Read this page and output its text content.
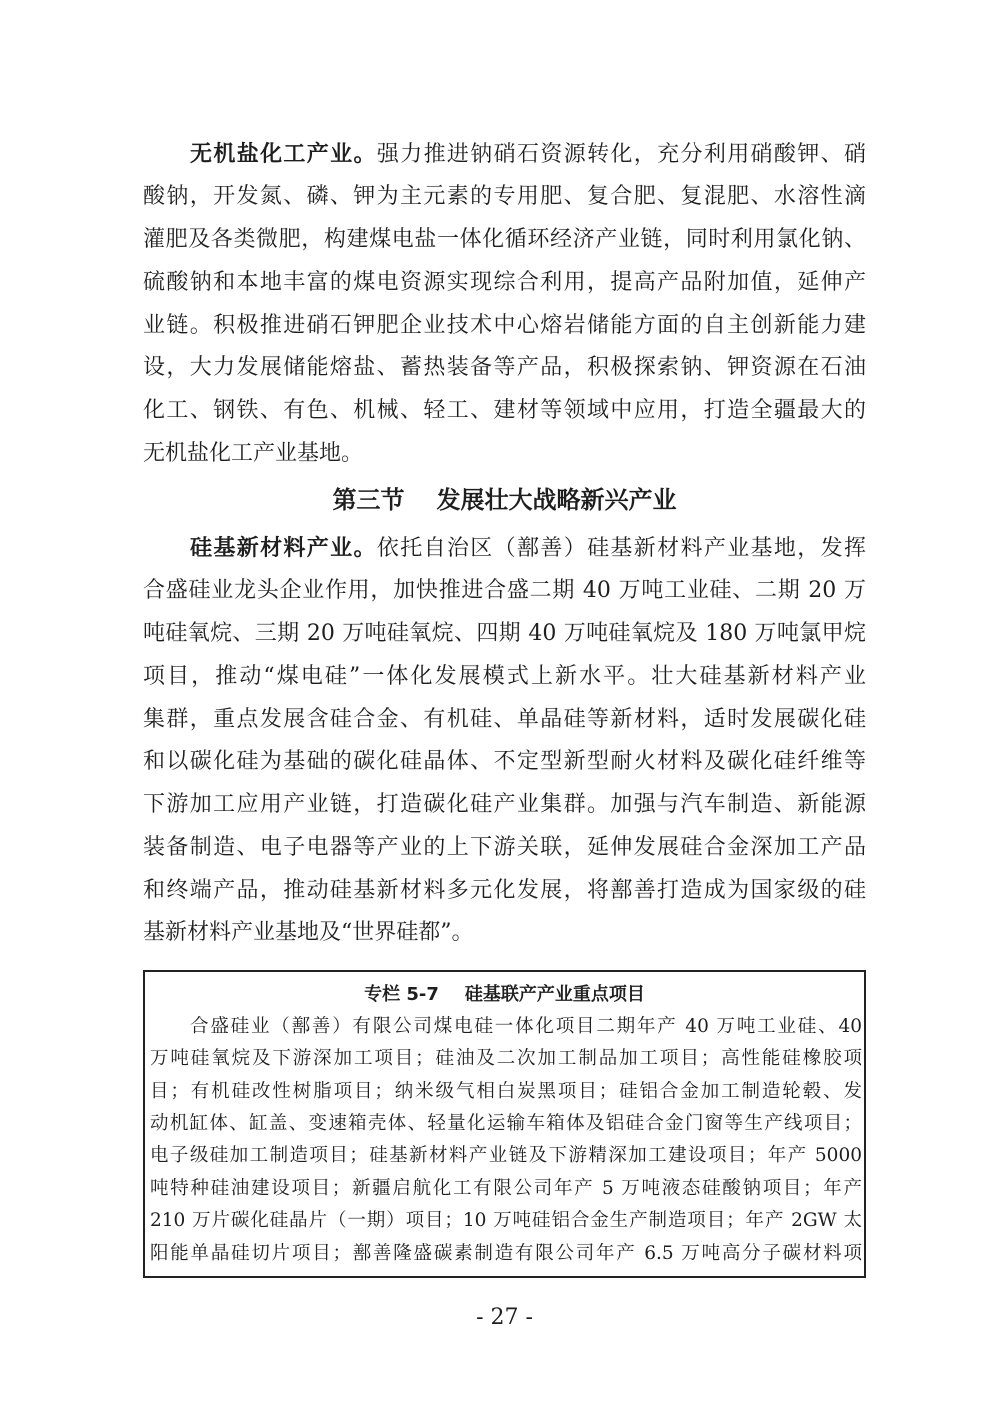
无机盐化工产业。强力推进钠硝石资源转化，充分利用硝酸钾、硝
酸钠，开发氮、磷、钾为主元素的专用肥、复合肥、复混肥、水溶性滴
灌肥及各类微肥，构建煤电盐一体化循环经济产业链，同时利用氯化钠、
硫酸钠和本地丰富的煤电资源实现综合利用，提高产品附加值，延伸产
业链。积极推进硝石钾肥企业技术中心熔岩储能方面的自主创新能力建
设，大力发展储能熔盐、蓄热装备等产品，积极探索钠、钾资源在石油
化工、钢铁、有色、机械、轻工、建材等领域中应用，打造全疆最大的
无机盐化工产业基地。
第三节 发展壮大战略新兴产业
硅基新材料产业。依托自治区（鄯善）硅基新材料产业基地，发挥
合盛硅业龙头企业作用，加快推进合盛二期 40 万吨工业硅、二期 20 万
吨硅氧烷、三期 20 万吨硅氧烷、四期 40 万吨硅氧烷及 180 万吨氯甲烷
项目，推动“煤电硅”一体化发展模式上新水平。壮大硅基新材料产业
集群，重点发展含硅合金、有机硅、单晶硅等新材料，适时发展碳化硅
和以碳化硅为基础的碳化硅晶体、不定型新型耐火材料及碳化硅纤维等
下游加工应用产业链，打造碳化硅产业集群。加强与汽车制造、新能源
装备制造、电子电器等产业的上下游关联，延伸发展硅合金深加工产品
和终端产品，推动硅基新材料多元化发展，将鄯善打造成为国家级的硅
基新材料产业基地及“世界硅都”。
专栏 5-7 硅基联产产业重点项目
合盛硅业（鄯善）有限公司煤电硅一体化项目二期年产 40 万吨工业硅、40
万吨硅氧烷及下游深加工项目；硅油及二次加工制品加工项目；高性能硅橡胶项
目；有机硅改性树脂项目；纳米级气相白炭黑项目；硅铝合金加工制造轮毂、发
动机缸体、缸盖、变速箱壳体、轻量化运输车箱体及铝硅合金门窗等生产线项目；
电子级硅加工制造项目；硅基新材料产业链及下游精深加工建设项目；年产 5000
吨特种硅油建设项目；新疆启航化工有限公司年产 5 万吨液态硅酸钠项目；年产
210 万片碳化硅晶片（一期）项目；10 万吨硅铝合金生产制造项目；年产 2GW 太
阳能单晶硅切片项目；鄯善隆盛碳素制造有限公司年产 6.5 万吨高分子碳材料项
- 27 -
